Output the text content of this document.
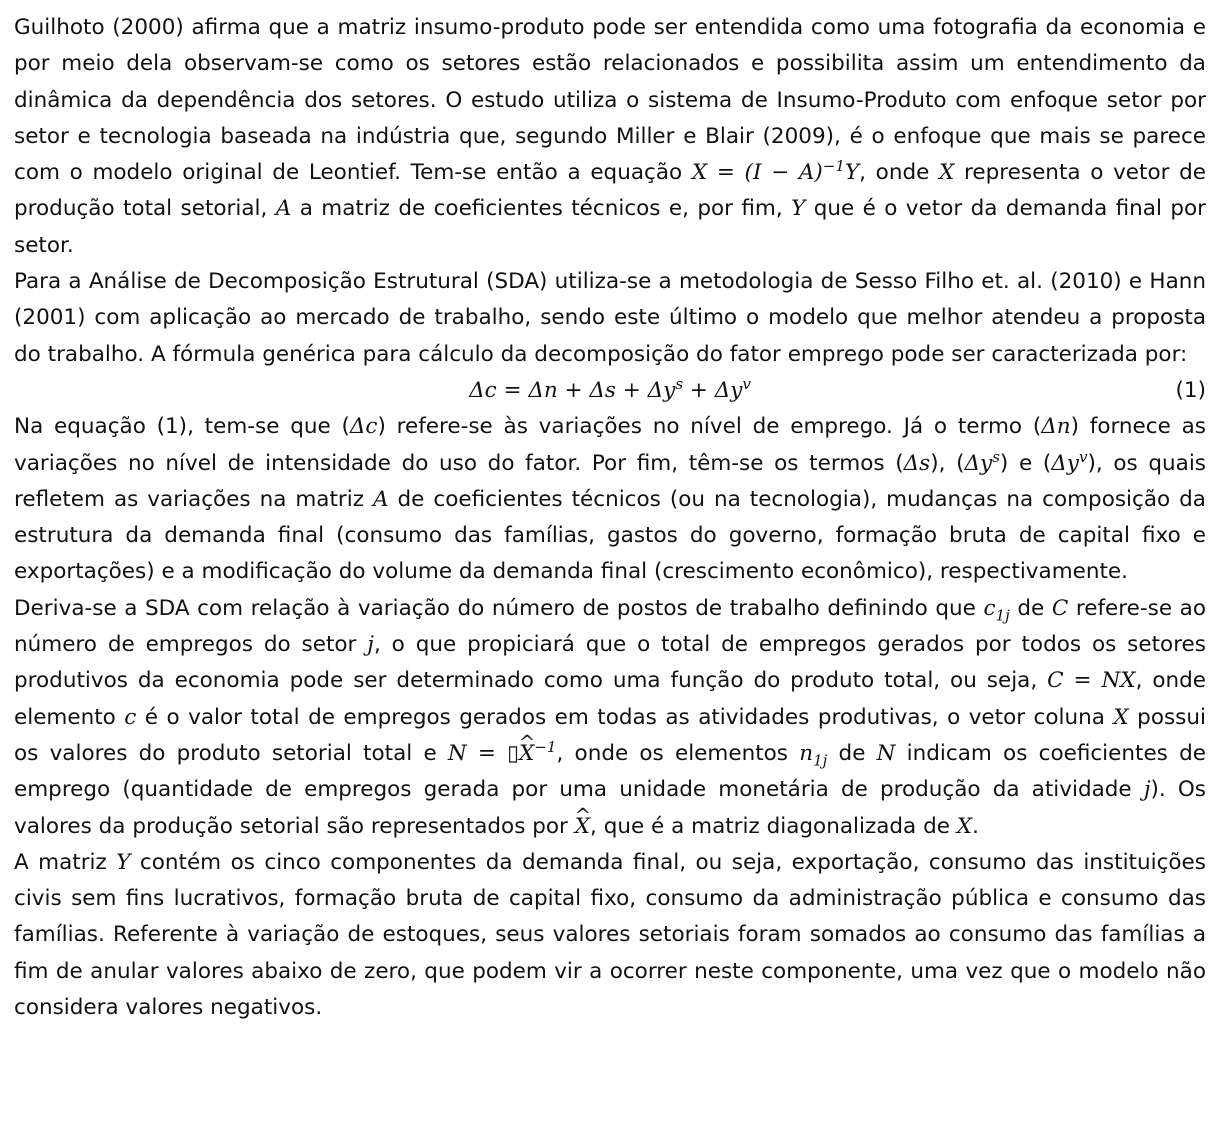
Guilhoto (2000) afirma que a matriz insumo-produto pode ser entendida como uma fotografia da economia e por meio dela observam-se como os setores estão relacionados e possibilita assim um entendimento da dinâmica da dependência dos setores. O estudo utiliza o sistema de Insumo-Produto com enfoque setor por setor e tecnologia baseada na indústria que, segundo Miller e Blair (2009), é o enfoque que mais se parece com o modelo original de Leontief. Tem-se então a equação $X = (I - A)^{-1}Y$, onde X representa o vetor de produção total setorial, A a matriz de coeficientes técnicos e, por fim, Y que é o vetor da demanda final por setor.

Para a Análise de Decomposição Estrutural (SDA) utiliza-se a metodologia de Sesso Filho et. al. (2010) e Hann (2001) com aplicação ao mercado de trabalho, sendo este último o modelo que melhor atendeu a proposta do trabalho. A fórmula genérica para cálculo da decomposição do fator emprego pode ser caracterizada por:

$\Delta c = \Delta n + \Delta s + \Delta y^s + \Delta y^v$	(1)

Na equação (1), tem-se que (Δc) refere-se às variações no nível de emprego. Já o termo (Δn) fornece as variações no nível de intensidade do uso do fator. Por fim, têm-se os termos (Δs), $(\Delta y^s)$ e $(\Delta y^v)$, os quais refletem as variações na matriz A de coeficientes técnicos (ou na tecnologia), mudanças na composição da estrutura da demanda final (consumo das famílias, gastos do governo, formação bruta de capital fixo e exportações) e a modificação do volume da demanda final (crescimento econômico), respectivamente.

Deriva-se a SDA com relação à variação do número de postos de trabalho definindo que $c_{1j}$ de C refere-se ao número de empregos do setor j, o que propiciará que o total de empregos gerados por todos os setores produtivos da economia pode ser determinado como uma função do produto total, ou seja, C = NX, onde elemento c é o valor total de empregos gerados em todas as atividades produtivas, o vetor coluna X possui os valores do produto setorial total e N = ▯^ $X^{-1}$, onde os elementos $n_{1j}$ de N indicam os coeficientes de emprego (quantidade de empregos gerada por uma unidade monetária de produção da atividade j). Os valores da produção setorial são representados por ^ X, que é a matriz diagonalizada de X.

A matriz Y contém os cinco componentes da demanda final, ou seja, exportação, consumo das instituições civis sem fins lucrativos, formação bruta de capital fixo, consumo da administração pública e consumo das famílias. Referente à variação de estoques, seus valores setoriais foram somados ao consumo das famílias a fim de anular valores abaixo de zero, que podem vir a ocorrer neste componente, uma vez que o modelo não considera valores negativos.
